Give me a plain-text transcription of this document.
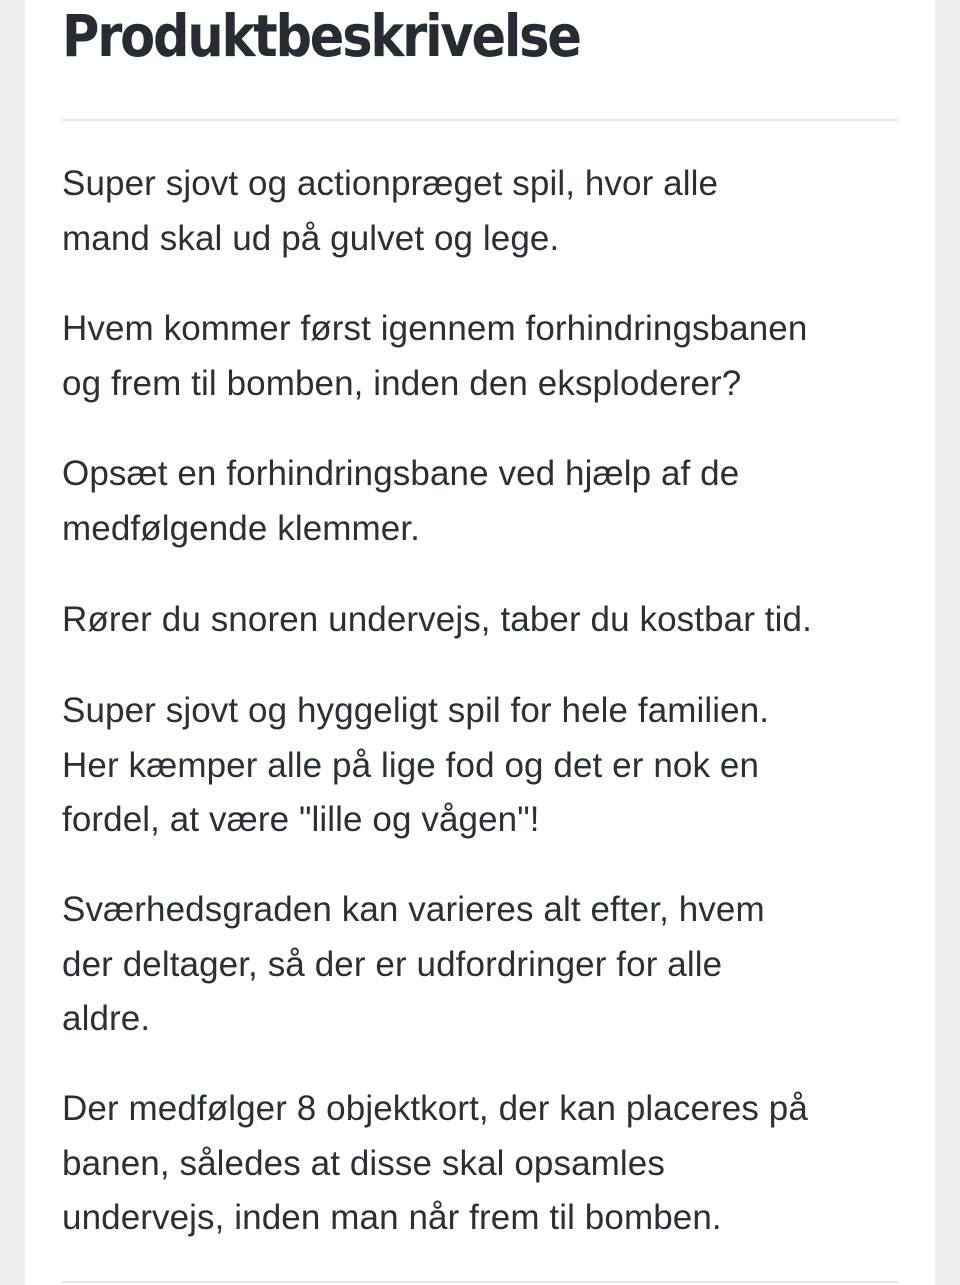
Produktbeskrivelse

Super sjovt og actionpræget spil, hvor alle
mand skal ud på gulvet og lege.

Hvem kommer først igennem forhindringsbanen
og frem til bomben, inden den eksploderer?

Opsæt en forhindringsbane ved hjælp af de
medfølgende klemmer.

Rører du snoren undervejs, taber du kostbar tid.

Super sjovt og hyggeligt spil for hele familien.
Her kæmper alle på lige fod og det er nok en
fordel, at være "lille og vågen"!

Sværhedsgraden kan varieres alt efter, hvem
der deltager, så der er udfordringer for alle
aldre.

Der medfølger 8 objektkort, der kan placeres på
banen, således at disse skal opsamles
undervejs, inden man når frem til bomben.
